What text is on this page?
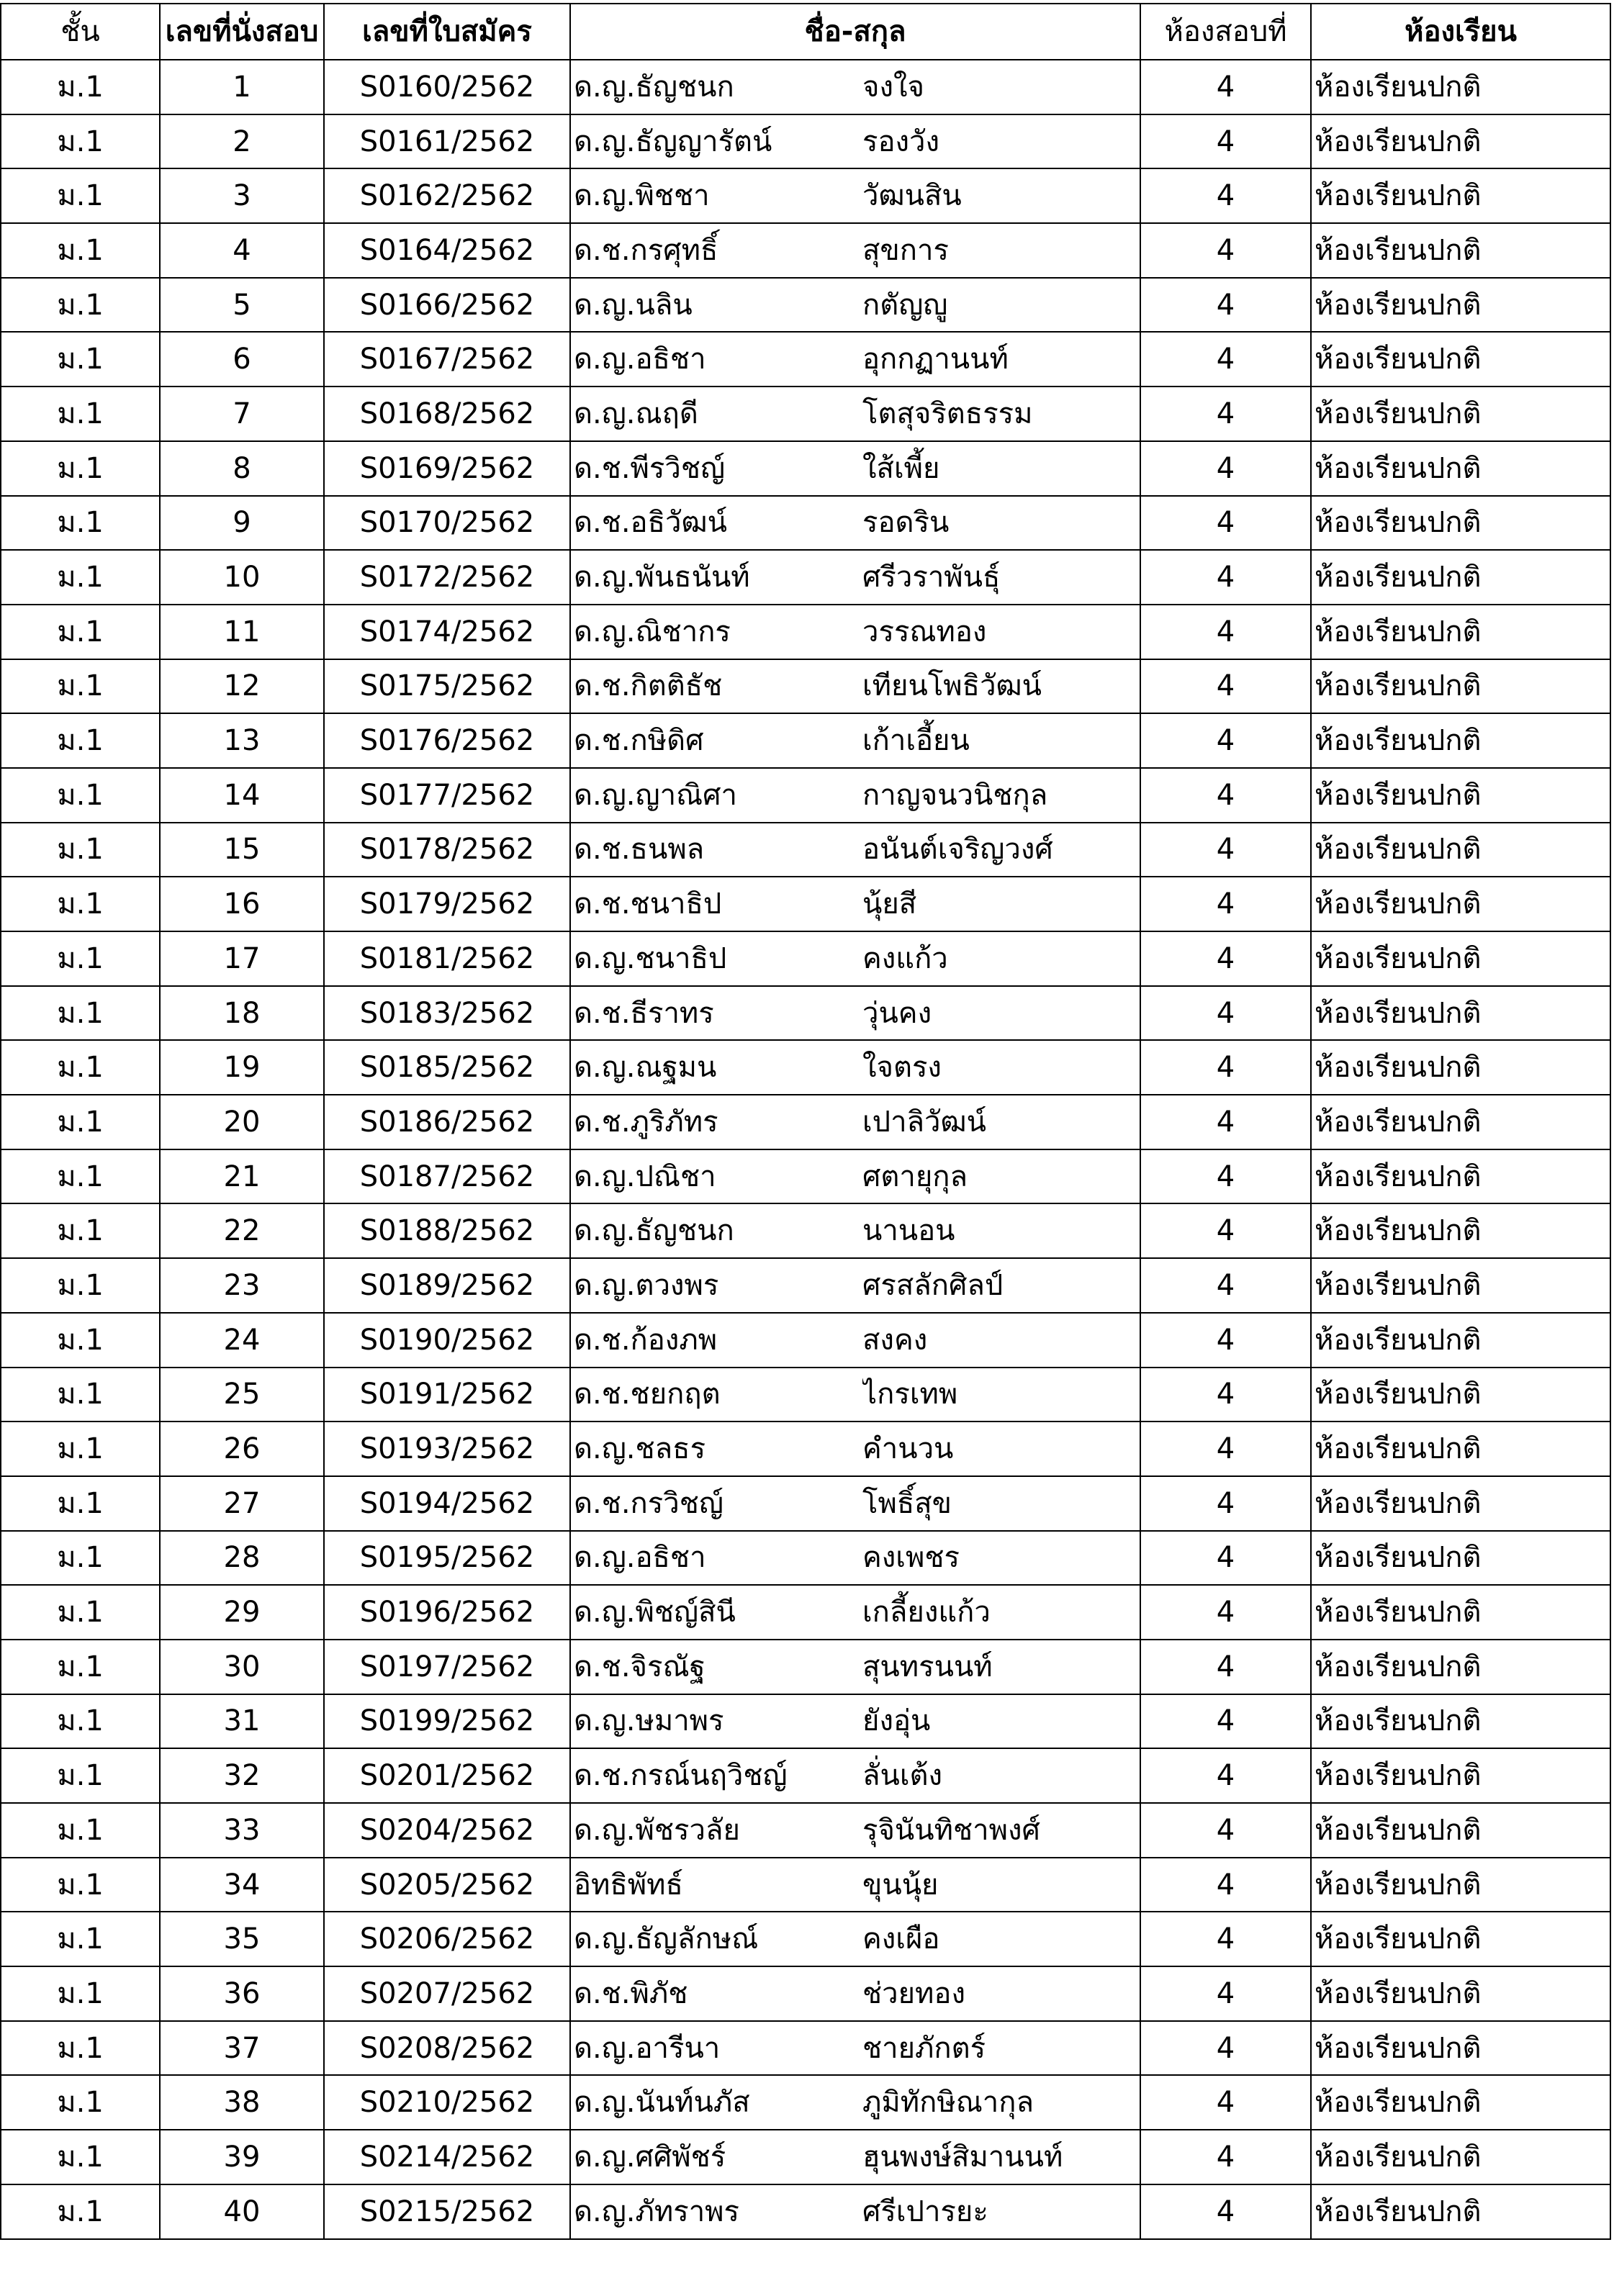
ชั้น	เลขที่นั่งสอบ	เลขที่ใบสมัคร	ชื่อ-สกุล		ห้องสอบที่	ห้องเรียน
ม.1	1	S0160/2562	ด.ญ.ธัญชนก	จงใจ	4	ห้องเรียนปกติ
ม.1	2	S0161/2562	ด.ญ.ธัญญารัตน์	รองวัง	4	ห้องเรียนปกติ
ม.1	3	S0162/2562	ด.ญ.พิชชา	วัฒนสิน	4	ห้องเรียนปกติ
ม.1	4	S0164/2562	ด.ช.กรศุทธิ์	สุขการ	4	ห้องเรียนปกติ
ม.1	5	S0166/2562	ด.ญ.นลิน	กตัญญู	4	ห้องเรียนปกติ
ม.1	6	S0167/2562	ด.ญ.อธิชา	อุกกฏานนท์	4	ห้องเรียนปกติ
ม.1	7	S0168/2562	ด.ญ.ณฤดี	โตสุจริตธรรม	4	ห้องเรียนปกติ
ม.1	8	S0169/2562	ด.ช.พีรวิชญ์	ใส้เพี้ย	4	ห้องเรียนปกติ
ม.1	9	S0170/2562	ด.ช.อธิวัฒน์	รอดริน	4	ห้องเรียนปกติ
ม.1	10	S0172/2562	ด.ญ.พันธนันท์	ศรีวราพันธุ์	4	ห้องเรียนปกติ
ม.1	11	S0174/2562	ด.ญ.ณิชากร	วรรณทอง	4	ห้องเรียนปกติ
ม.1	12	S0175/2562	ด.ช.กิตติธัช	เทียนโพธิวัฒน์	4	ห้องเรียนปกติ
ม.1	13	S0176/2562	ด.ช.กษิดิศ	เก้าเอี้ยน	4	ห้องเรียนปกติ
ม.1	14	S0177/2562	ด.ญ.ญาณิศา	กาญจนวนิชกุล	4	ห้องเรียนปกติ
ม.1	15	S0178/2562	ด.ช.ธนพล	อนันต์เจริญวงศ์	4	ห้องเรียนปกติ
ม.1	16	S0179/2562	ด.ช.ชนาธิป	นุ้ยสี	4	ห้องเรียนปกติ
ม.1	17	S0181/2562	ด.ญ.ชนาธิป	คงแก้ว	4	ห้องเรียนปกติ
ม.1	18	S0183/2562	ด.ช.ธีราทร	วุ่นคง	4	ห้องเรียนปกติ
ม.1	19	S0185/2562	ด.ญ.ณฐมน	ใจตรง	4	ห้องเรียนปกติ
ม.1	20	S0186/2562	ด.ช.ภูริภัทร	เปาลิวัฒน์	4	ห้องเรียนปกติ
ม.1	21	S0187/2562	ด.ญ.ปณิชา	ศตายุกุล	4	ห้องเรียนปกติ
ม.1	22	S0188/2562	ด.ญ.ธัญชนก	นานอน	4	ห้องเรียนปกติ
ม.1	23	S0189/2562	ด.ญ.ตวงพร	ศรสลักศิลป์	4	ห้องเรียนปกติ
ม.1	24	S0190/2562	ด.ช.ก้องภพ	สงคง	4	ห้องเรียนปกติ
ม.1	25	S0191/2562	ด.ช.ชยกฤต	ไกรเทพ	4	ห้องเรียนปกติ
ม.1	26	S0193/2562	ด.ญ.ชลธร	คำนวน	4	ห้องเรียนปกติ
ม.1	27	S0194/2562	ด.ช.กรวิชญ์	โพธิ์สุข	4	ห้องเรียนปกติ
ม.1	28	S0195/2562	ด.ญ.อธิชา	คงเพชร	4	ห้องเรียนปกติ
ม.1	29	S0196/2562	ด.ญ.พิชญ์สินี	เกลี้ยงแก้ว	4	ห้องเรียนปกติ
ม.1	30	S0197/2562	ด.ช.จิรณัฐ	สุนทรนนท์	4	ห้องเรียนปกติ
ม.1	31	S0199/2562	ด.ญ.ษมาพร	ยังอุ่น	4	ห้องเรียนปกติ
ม.1	32	S0201/2562	ด.ช.กรณ์นฤวิชญ์	ลั่นเต้ง	4	ห้องเรียนปกติ
ม.1	33	S0204/2562	ด.ญ.พัชรวลัย	รุจินันทิชาพงศ์	4	ห้องเรียนปกติ
ม.1	34	S0205/2562	อิทธิพัทธ์	ขุนนุ้ย	4	ห้องเรียนปกติ
ม.1	35	S0206/2562	ด.ญ.ธัญลักษณ์	คงเผือ	4	ห้องเรียนปกติ
ม.1	36	S0207/2562	ด.ช.พิภัช	ช่วยทอง	4	ห้องเรียนปกติ
ม.1	37	S0208/2562	ด.ญ.อารีนา	ชายภักตร์	4	ห้องเรียนปกติ
ม.1	38	S0210/2562	ด.ญ.นันท์นภัส	ภูมิทักษิณากุล	4	ห้องเรียนปกติ
ม.1	39	S0214/2562	ด.ญ.ศศิพัชร์	ฮุนพงษ์สิมานนท์	4	ห้องเรียนปกติ
ม.1	40	S0215/2562	ด.ญ.ภัทราพร	ศรีเปารยะ	4	ห้องเรียนปกติ
